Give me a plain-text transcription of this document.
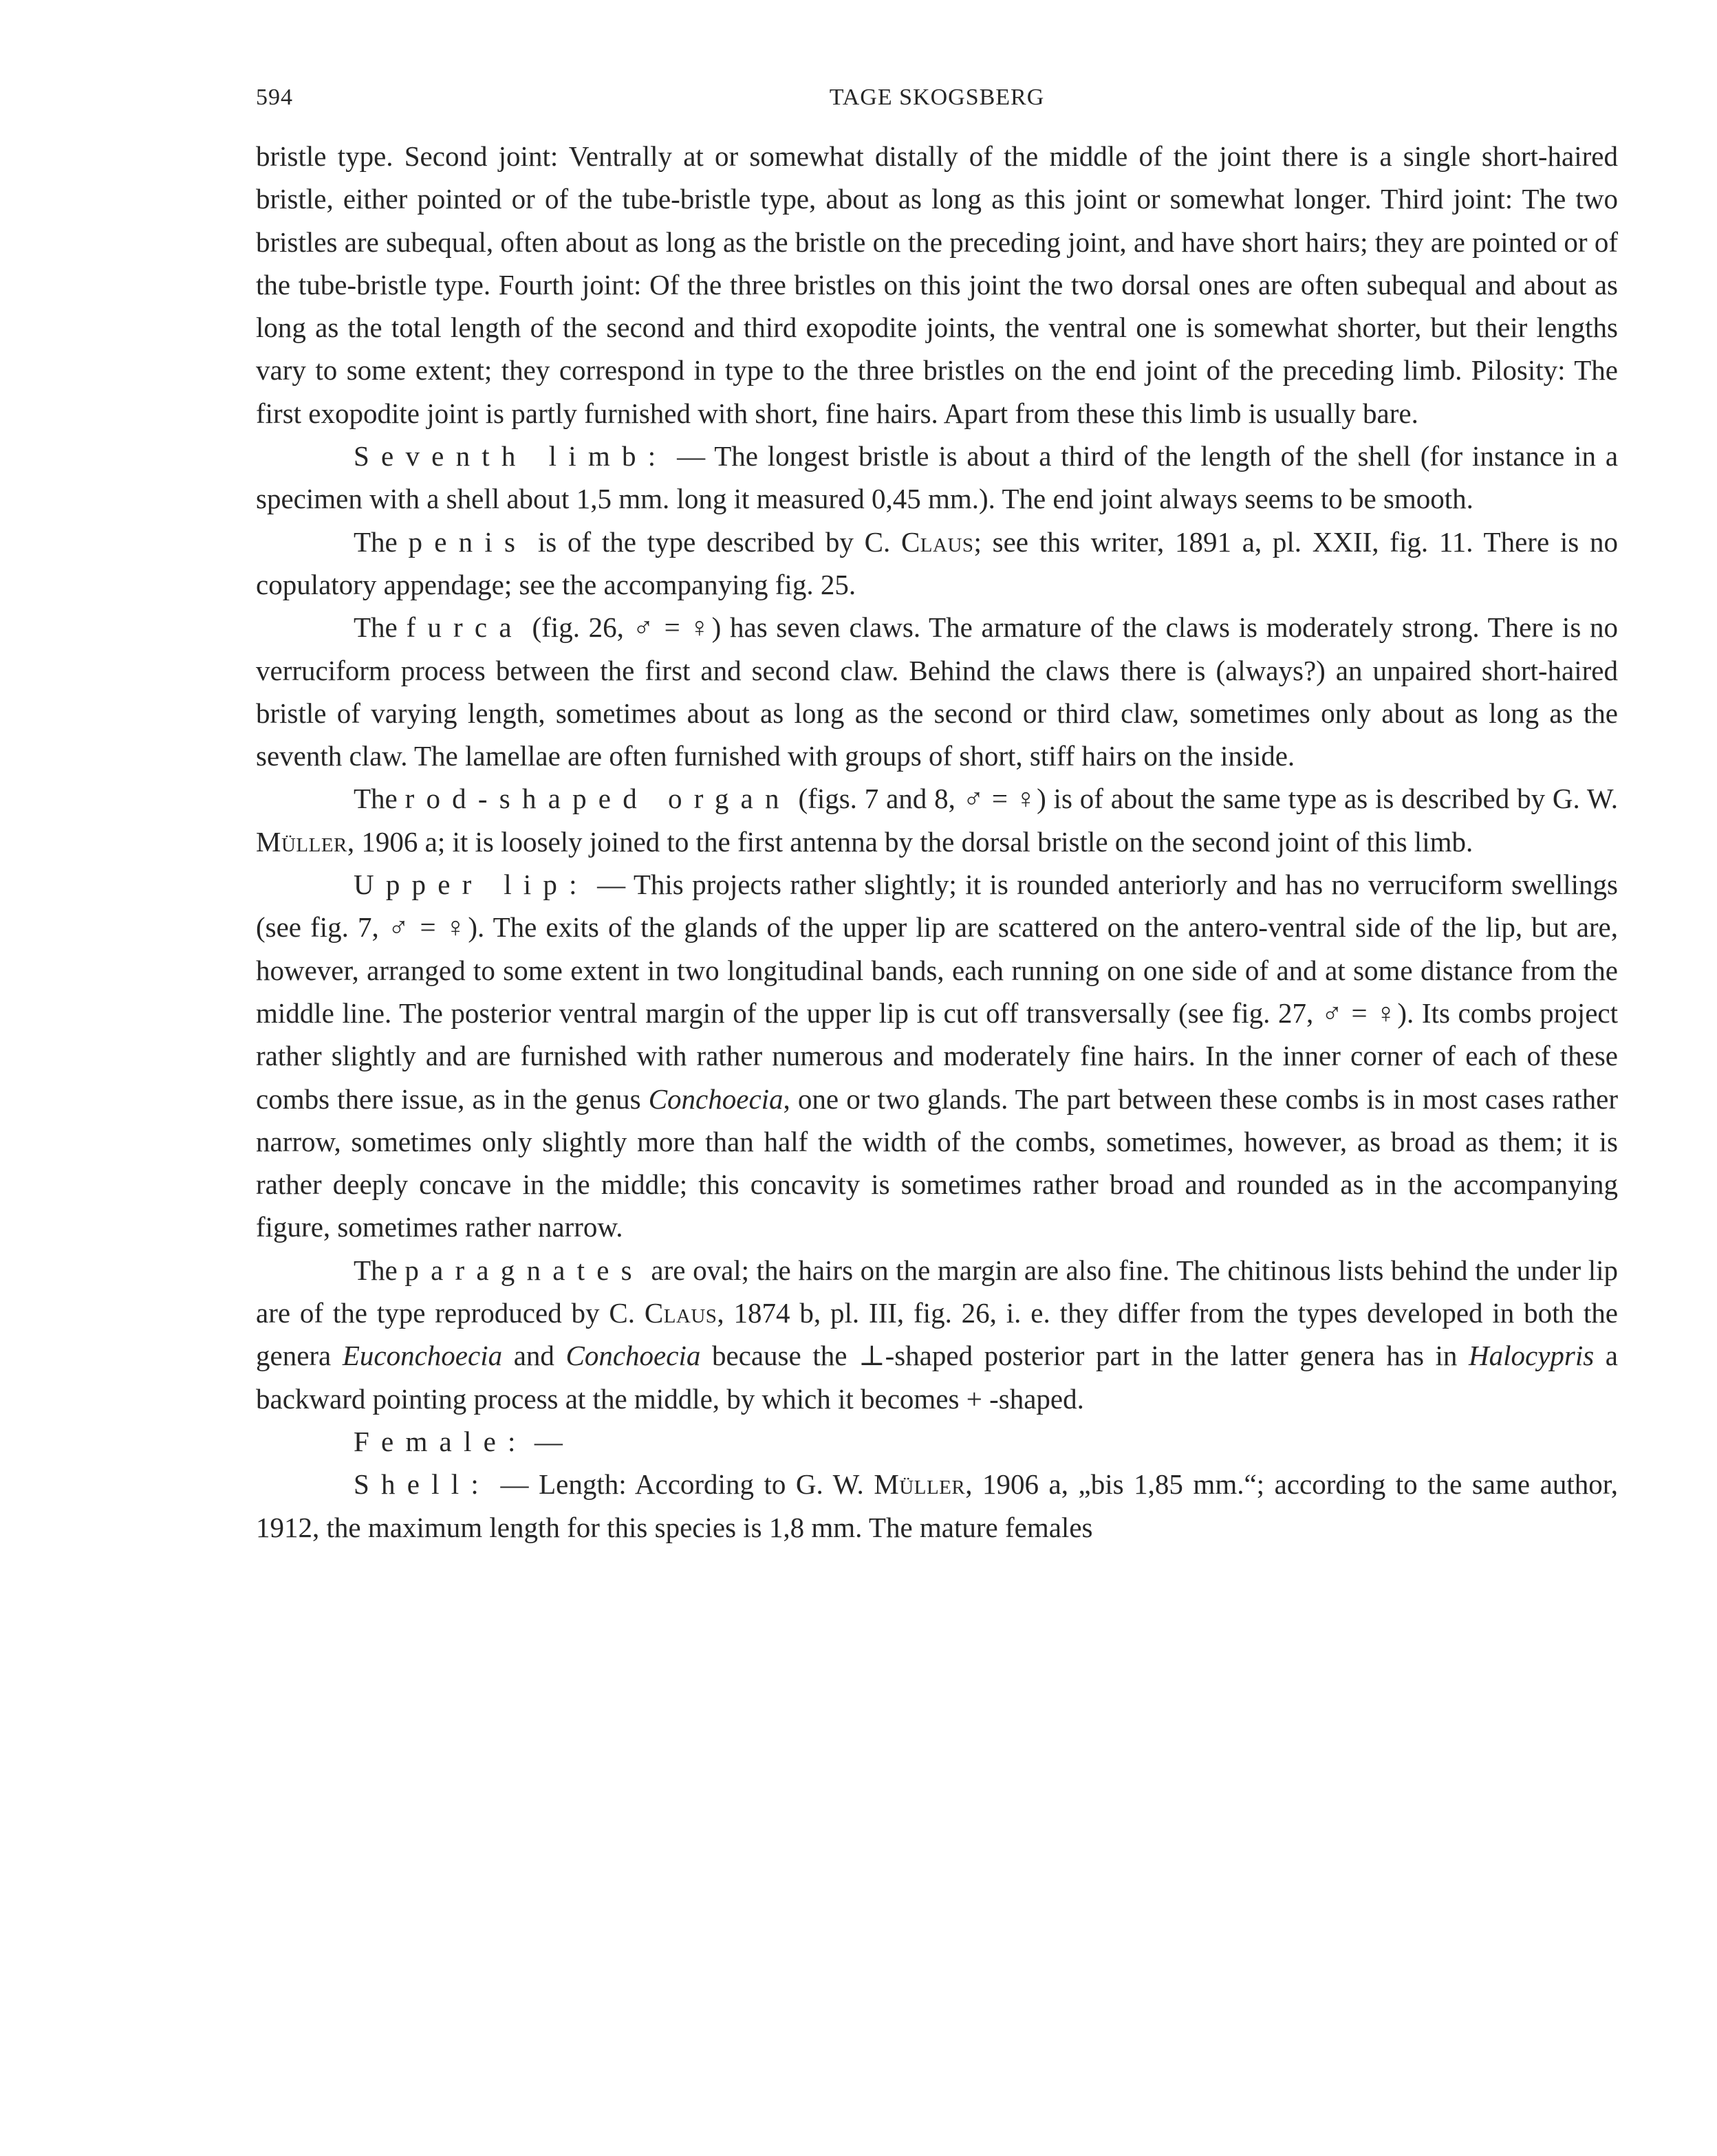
594	TAGE SKOGSBERG

bristle type. Second joint: Ventrally at or somewhat distally of the middle of the joint there is a single short-haired bristle, either pointed or of the tube-bristle type, about as long as this joint or somewhat longer. Third joint: The two bristles are subequal, often about as long as the bristle on the preceding joint, and have short hairs; they are pointed or of the tube-bristle type. Fourth joint: Of the three bristles on this joint the two dorsal ones are often subequal and about as long as the total length of the second and third exopodite joints, the ventral one is somewhat shorter, but their lengths vary to some extent; they correspond in type to the three bristles on the end joint of the preceding limb. Pilosity: The first exopodite joint is partly furnished with short, fine hairs. Apart from these this limb is usually bare.

Seventh limb: — The longest bristle is about a third of the length of the shell (for instance in a specimen with a shell about 1,5 mm. long it measured 0,45 mm.). The end joint always seems to be smooth.

The penis is of the type described by C. Claus; see this writer, 1891 a, pl. XXII, fig. 11. There is no copulatory appendage; see the accompanying fig. 25.

The furca (fig. 26, ♂ = ♀) has seven claws. The armature of the claws is moderately strong. There is no verruciform process between the first and second claw. Behind the claws there is (always?) an unpaired short-haired bristle of varying length, sometimes about as long as the second or third claw, sometimes only about as long as the seventh claw. The lamellae are often furnished with groups of short, stiff hairs on the inside.

The rod-shaped organ (figs. 7 and 8, ♂ = ♀) is of about the same type as is described by G. W. Müller, 1906 a; it is loosely joined to the first antenna by the dorsal bristle on the second joint of this limb.

Upper lip: — This projects rather slightly; it is rounded anteriorly and has no verruciform swellings (see fig. 7, ♂ = ♀). The exits of the glands of the upper lip are scattered on the antero-ventral side of the lip, but are, however, arranged to some extent in two longitudinal bands, each running on one side of and at some distance from the middle line. The posterior ventral margin of the upper lip is cut off transversally (see fig. 27, ♂ = ♀). Its combs project rather slightly and are furnished with rather numerous and moderately fine hairs. In the inner corner of each of these combs there issue, as in the genus Conchoecia, one or two glands. The part between these combs is in most cases rather narrow, sometimes only slightly more than half the width of the combs, sometimes, however, as broad as them; it is rather deeply concave in the middle; this concavity is sometimes rather broad and rounded as in the accompanying figure, sometimes rather narrow.

The paragnates are oval; the hairs on the margin are also fine. The chitinous lists behind the under lip are of the type reproduced by C. Claus, 1874 b, pl. III, fig. 26, i. e. they differ from the types developed in both the genera Euconchoecia and Conchoecia because the ⊥-shaped posterior part in the latter genera has in Halocypris a backward pointing process at the middle, by which it becomes + -shaped.

Female: —

Shell: — Length: According to G. W. Müller, 1906 a, „bis 1,85 mm.“; according to the same author, 1912, the maximum length for this species is 1,8 mm. The mature females
